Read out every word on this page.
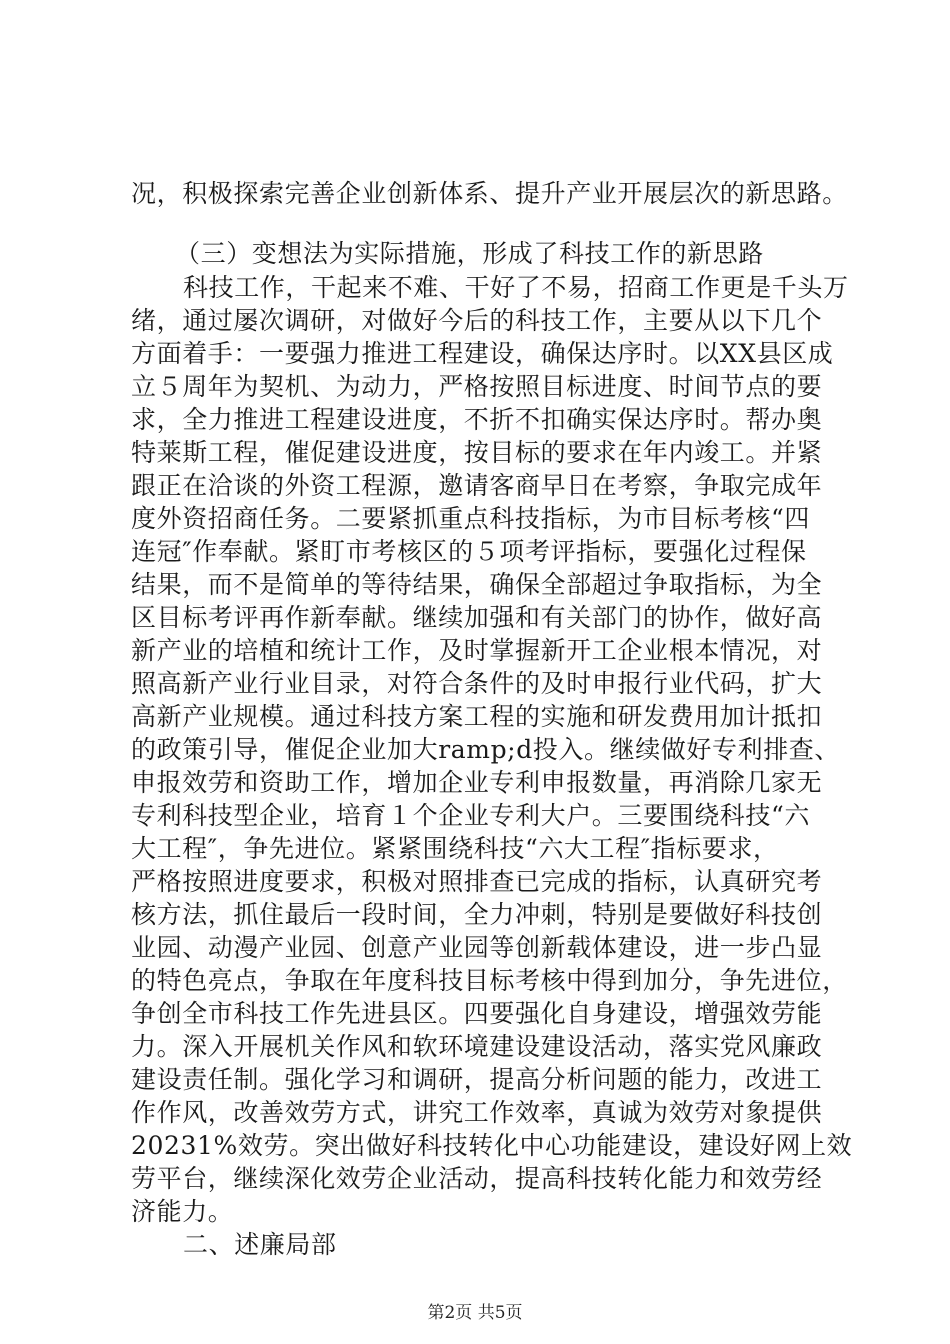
况，积极探索完善企业创新体系、提升产业开展层次的新思路。
（三）变想法为实际措施，形成了科技工作的新思路
科技工作，干起来不难、干好了不易，招商工作更是千头万
绪，通过屡次调研，对做好今后的科技工作，主要从以下几个
方面着手：一要强力推进工程建设，确保达序时。以XX县区成
立５周年为契机、为动力，严格按照目标进度、时间节点的要
求，全力推进工程建设进度，不折不扣确实保达序时。帮办奥
特莱斯工程，催促建设进度，按目标的要求在年内竣工。并紧
跟正在洽谈的外资工程源，邀请客商早日在考察，争取完成年
度外资招商任务。二要紧抓重点科技指标，为市目标考核“四
连冠″作奉献。紧盯市考核区的５项考评指标，要强化过程保
结果，而不是简单的等待结果，确保全部超过争取指标，为全
区目标考评再作新奉献。继续加强和有关部门的协作，做好高
新产业的培植和统计工作，及时掌握新开工企业根本情况，对
照高新产业行业目录，对符合条件的及时申报行业代码，扩大
高新产业规模。通过科技方案工程的实施和研发费用加计抵扣
的政策引导，催促企业加大ramp;d投入。继续做好专利排查、
申报效劳和资助工作，增加企业专利申报数量，再消除几家无
专利科技型企业，培育１个企业专利大户。三要围绕科技“六
大工程″，争先进位。紧紧围绕科技“六大工程″指标要求，
严格按照进度要求，积极对照排查已完成的指标，认真研究考
核方法，抓住最后一段时间，全力冲刺，特别是要做好科技创
业园、动漫产业园、创意产业园等创新载体建设，进一步凸显
的特色亮点，争取在年度科技目标考核中得到加分，争先进位，
争创全市科技工作先进县区。四要强化自身建设，增强效劳能
力。深入开展机关作风和软环境建设建设活动，落实党风廉政
建设责任制。强化学习和调研，提高分析问题的能力，改进工
作作风，改善效劳方式，讲究工作效率，真诚为效劳对象提供
20231%效劳。突出做好科技转化中心功能建设，建设好网上效
劳平台，继续深化效劳企业活动，提高科技转化能力和效劳经
济能力。
二、述廉局部
第2页 共5页
